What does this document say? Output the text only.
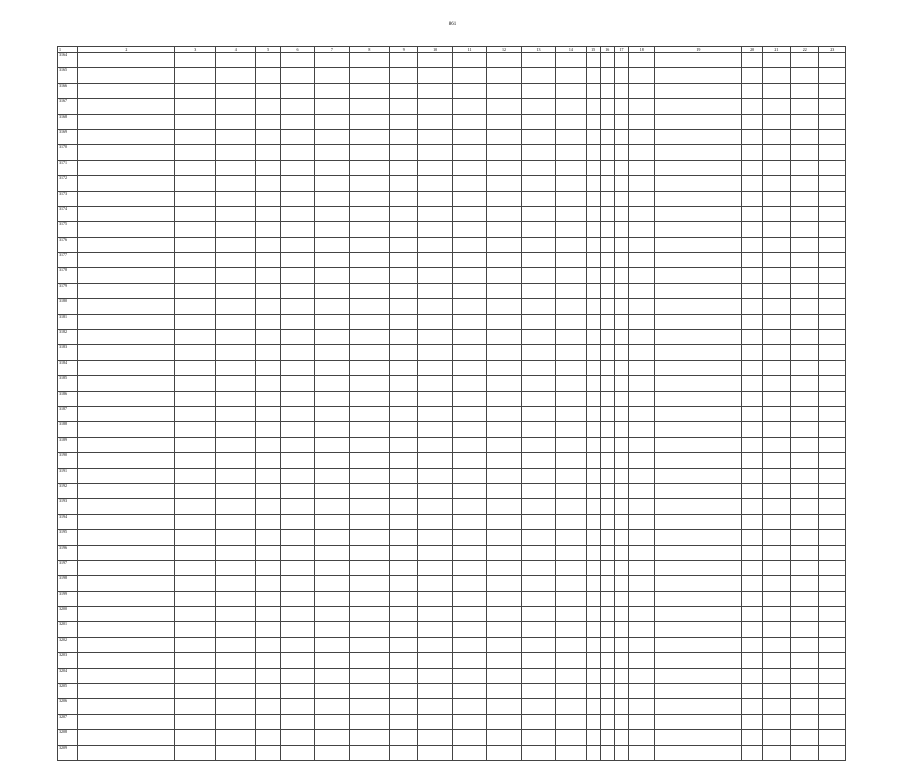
861
1	2	3	4	5	6	7	8	9	10	11	12	13	14	15	16	17	18	19	20	21	22	23
3164																						
3165																						
3166																						
3167																						
3168																						
3169																						
3170																						
3171																						
3172																						
3173																						
3174																						
3175																						
3176																						
3177																						
3178																						
3179																						
3180																						
3181																						
3182																						
3183																						
3184																						
3185																						
3186																						
3187																						
3188																						
3189																						
3190																						
3191																						
3192																						
3193																						
3194																						
3195																						
3196																						
3197																						
3198																						
3199																						
3200																						
3201																						
3202																						
3203																						
3204																						
3205																						
3206																						
3207																						
3208																						
3209																						
